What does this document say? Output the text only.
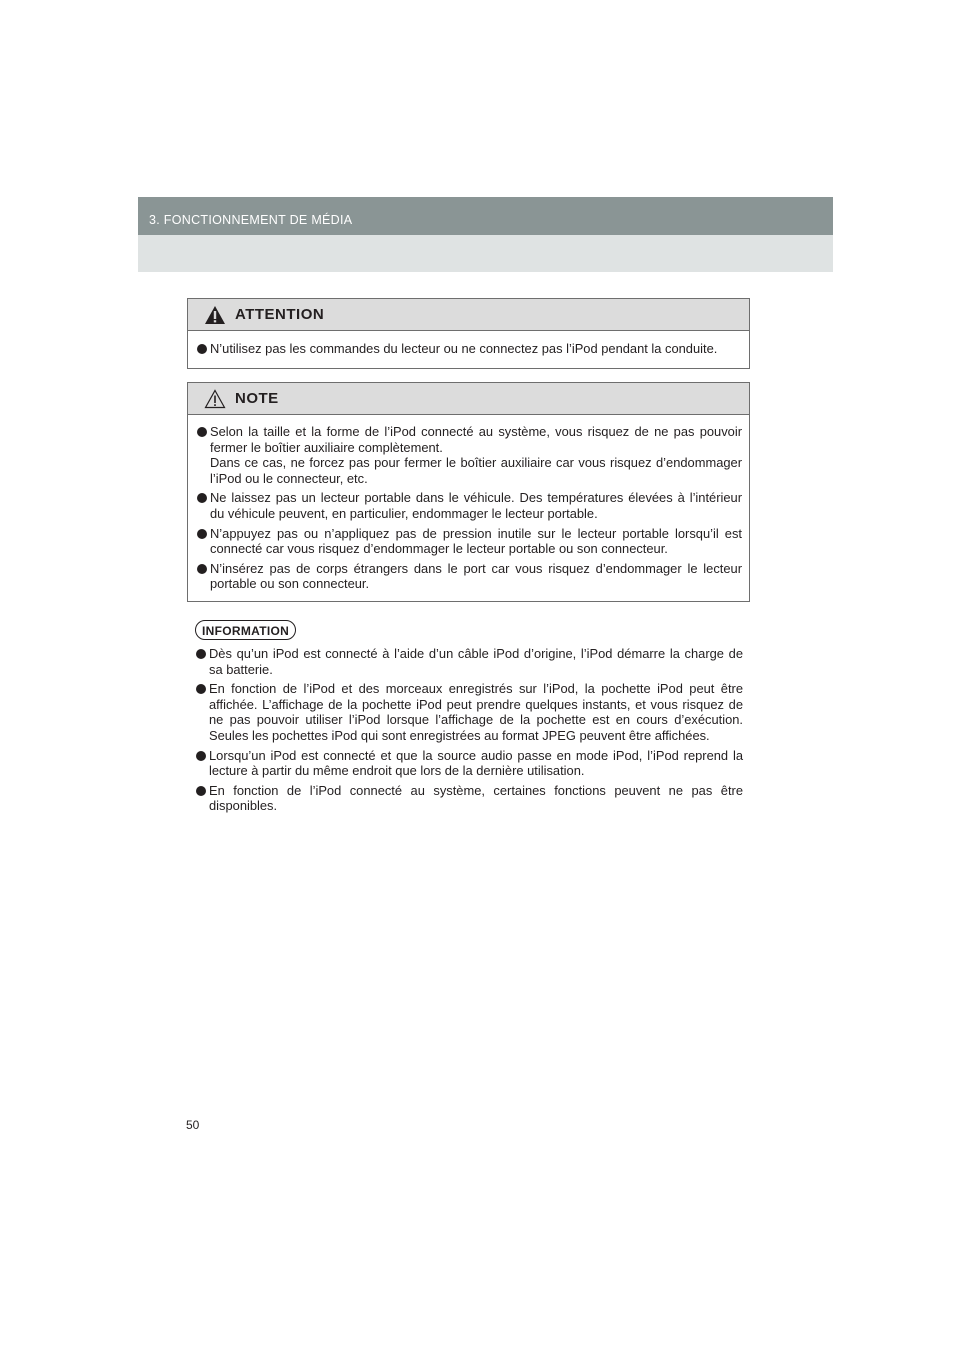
3. FONCTIONNEMENT DE MÉDIA
ATTENTION
N’utilisez pas les commandes du lecteur ou ne connectez pas l’iPod pendant la conduite.
NOTE
Selon la taille et la forme de l’iPod connecté au système, vous risquez de ne pas pouvoir fermer le boîtier auxiliaire complètement.
Dans ce cas, ne forcez pas pour fermer le boîtier auxiliaire car vous risquez d’endommager l’iPod ou le connecteur, etc.
Ne laissez pas un lecteur portable dans le véhicule. Des températures élevées à l’intérieur du véhicule peuvent, en particulier, endommager le lecteur portable.
N’appuyez pas ou n’appliquez pas de pression inutile sur le lecteur portable lorsqu’il est connecté car vous risquez d’endommager le lecteur portable ou son connecteur.
N’insérez pas de corps étrangers dans le port car vous risquez d’endommager le lecteur portable ou son connecteur.
INFORMATION
Dès qu’un iPod est connecté à l’aide d’un câble iPod d’origine, l’iPod démarre la charge de sa batterie.
En fonction de l’iPod et des morceaux enregistrés sur l’iPod, la pochette iPod peut être affichée. L’affichage de la pochette iPod peut prendre quelques instants, et vous risquez de ne pas pouvoir utiliser l’iPod lorsque l’affichage de la pochette est en cours d’exécution. Seules les pochettes iPod qui sont enregistrées au format JPEG peuvent être affichées.
Lorsqu’un iPod est connecté et que la source audio passe en mode iPod, l’iPod reprend la lecture à partir du même endroit que lors de la dernière utilisation.
En fonction de l’iPod connecté au système, certaines fonctions peuvent ne pas être disponibles.
50
